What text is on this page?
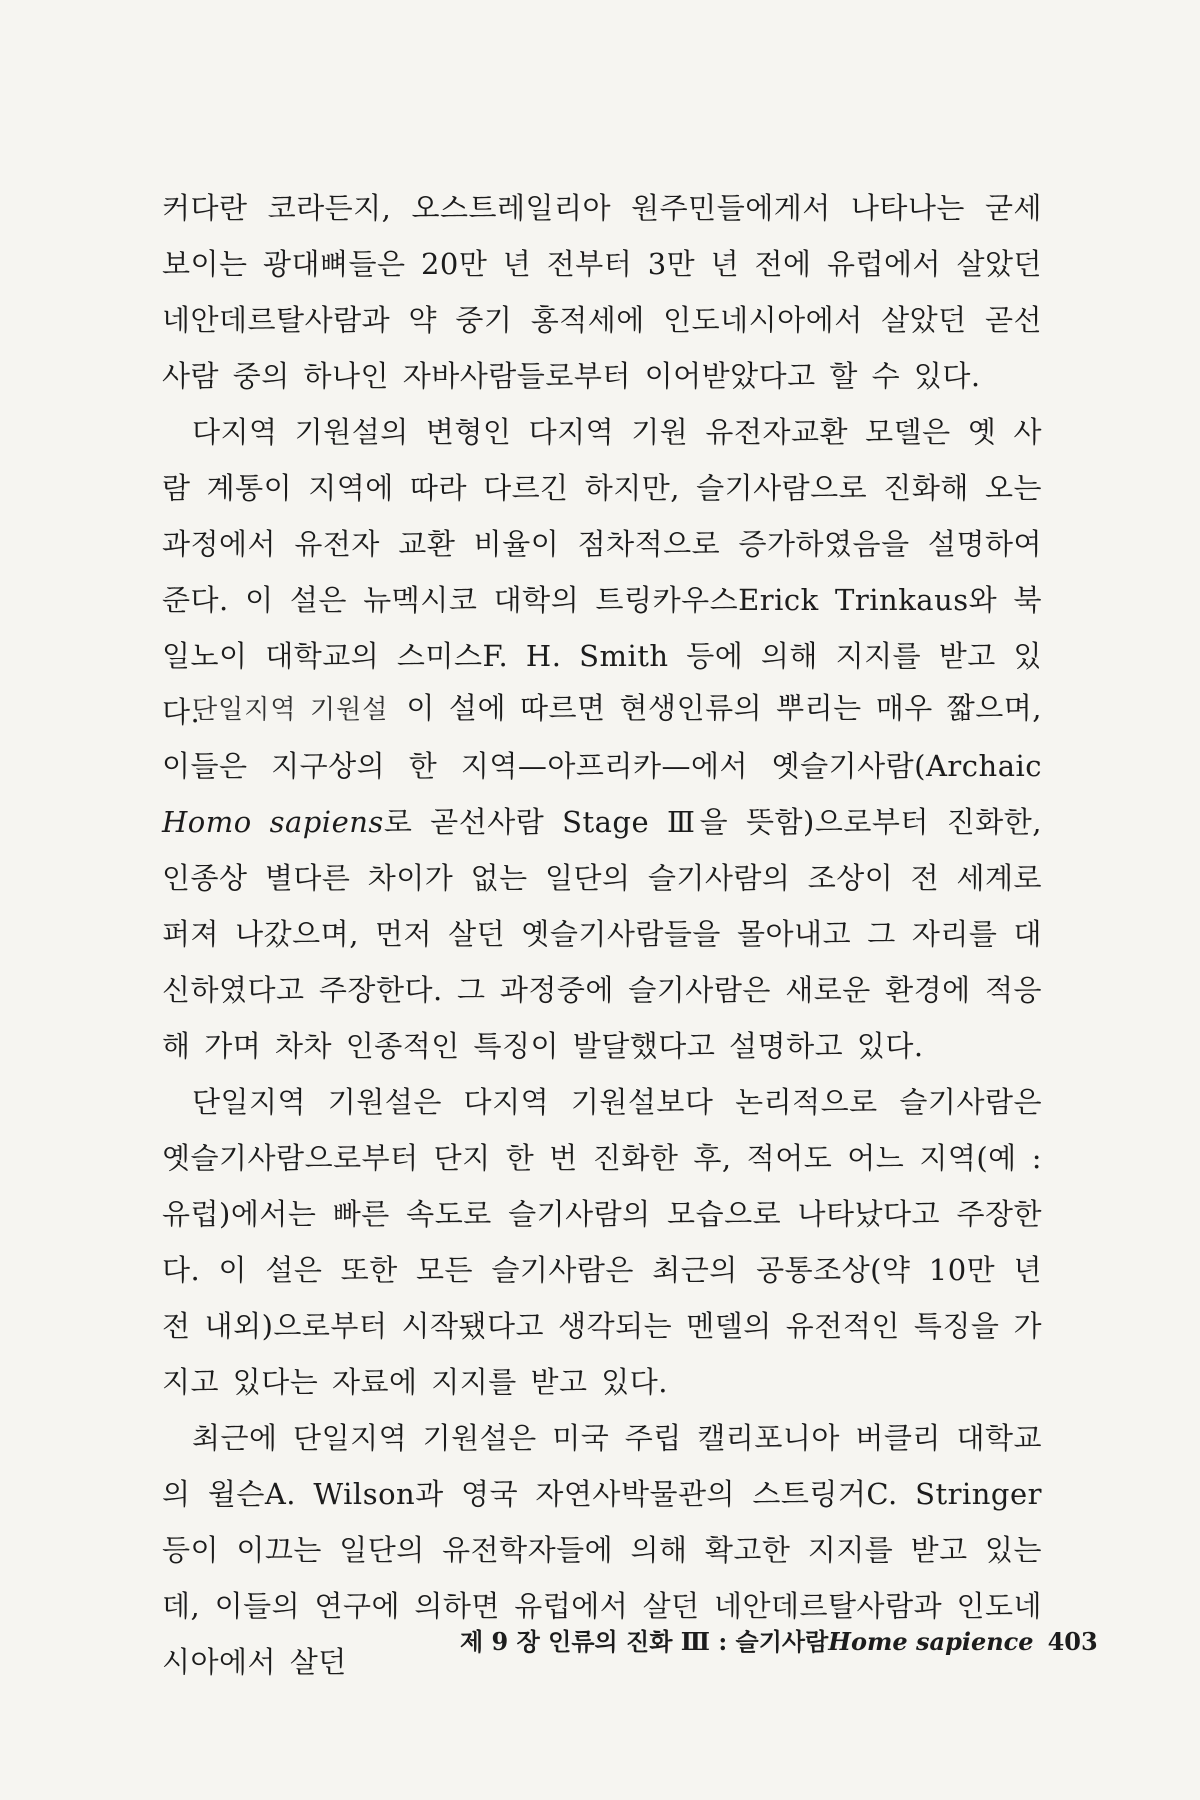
커다란 코라든지, 오스트레일리아 원주민들에게서 나타나는 굳세 보이는 광대뼈들은 20만 년 전부터 3만 년 전에 유럽에서 살았던 네안데르탈사람과 약 중기 홍적세에 인도네시아에서 살았던 곧선사람 중의 하나인 자바사람들로부터 이어받았다고 할 수 있다.

다지역 기원설의 변형인 다지역 기원 유전자교환 모델은 옛 사람 계통이 지역에 따라 다르긴 하지만, 슬기사람으로 진화해 오는 과정에서 유전자 교환 비율이 점차적으로 증가하였음을 설명하여 준다. 이 설은 뉴멕시코 대학의 트링카우스Erick Trinkaus와 북일노이 대학교의 스미스F. H. Smith 등에 의해 지지를 받고 있다.

단일지역 기원설 이 설에 따르면 현생인류의 뿌리는 매우 짧으며, 이들은 지구상의 한 지역—아프리카—에서 옛슬기사람(Archaic Homo sapiens로 곧선사람 Stage Ⅲ을 뜻함)으로부터 진화한, 인종상 별다른 차이가 없는 일단의 슬기사람의 조상이 전 세계로 퍼져 나갔으며, 먼저 살던 옛슬기사람들을 몰아내고 그 자리를 대신하였다고 주장한다. 그 과정중에 슬기사람은 새로운 환경에 적응해 가며 차차 인종적인 특징이 발달했다고 설명하고 있다.

단일지역 기원설은 다지역 기원설보다 논리적으로 슬기사람은 옛슬기사람으로부터 단지 한 번 진화한 후, 적어도 어느 지역(예 :유럽)에서는 빠른 속도로 슬기사람의 모습으로 나타났다고 주장한다. 이 설은 또한 모든 슬기사람은 최근의 공통조상(약 10만 년 전 내외)으로부터 시작됐다고 생각되는 멘델의 유전적인 특징을 가지고 있다는 자료에 지지를 받고 있다.

최근에 단일지역 기원설은 미국 주립 캘리포니아 버클리 대학교의 윌슨A. Wilson과 영국 자연사박물관의 스트링거C. Stringer 등이 이끄는 일단의 유전학자들에 의해 확고한 지지를 받고 있는데, 이들의 연구에 의하면 유럽에서 살던 네안데르탈사람과 인도네시아에서 살던

제 9 장 인류의 진화 Ⅲ : 슬기사람Home sapience 403
